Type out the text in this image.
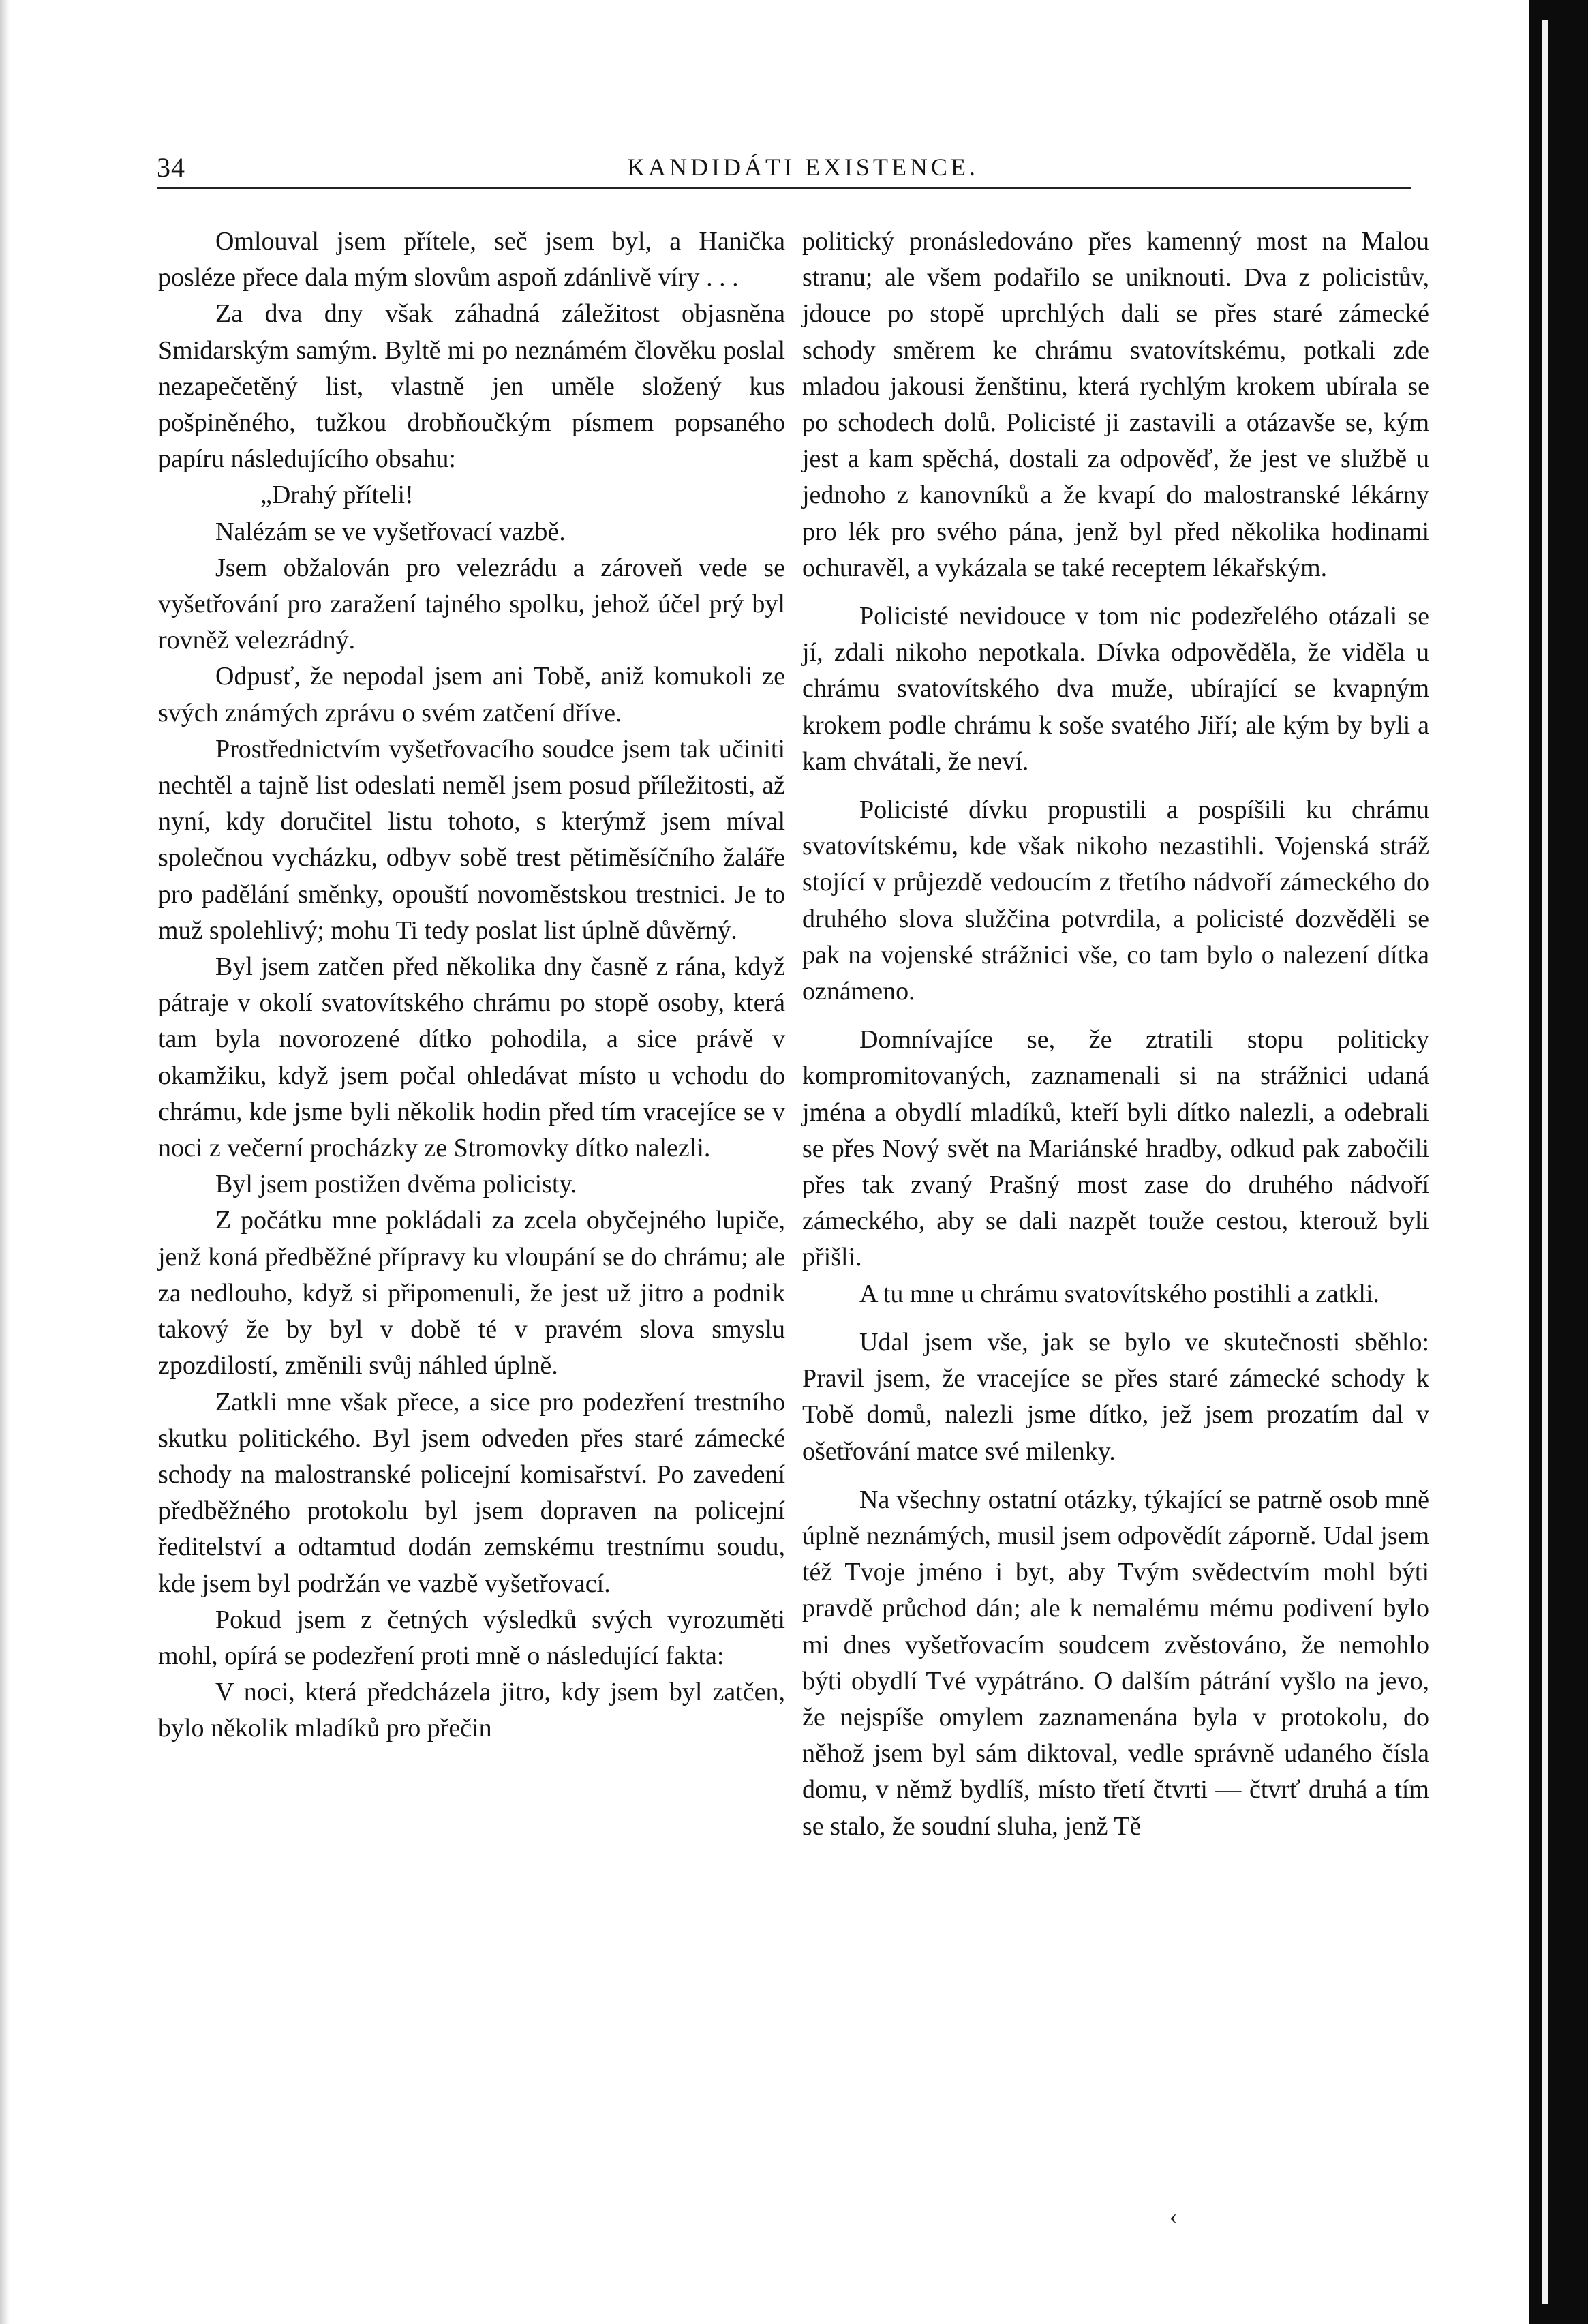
34	KANDIDÁTI EXISTENCE.

Omlouval jsem přítele, seč jsem byl, a Hanička posléze přece dala mým slovům aspoň zdánlivě víry . . .

Za dva dny však záhadná záležitost objasněna Smidarským samým. Byltě mi po neznámém člověku poslal nezapečetěný list, vlastně jen uměle složený kus pošpiněného, tužkou drobňoučkým písmem popsaného papíru následujícího obsahu:

„Drahý příteli!

Nalézám se ve vyšetřovací vazbě.

Jsem obžalován pro velezrádu a zároveň vede se vyšetřování pro zaražení tajného spolku, jehož účel prý byl rovněž velezrádný.

Odpusť, že nepodal jsem ani Tobě, aniž komukoli ze svých známých zprávu o svém zatčení dříve.

Prostřednictvím vyšetřovacího soudce jsem tak učiniti nechtěl a tajně list odeslati neměl jsem posud příležitosti, až nyní, kdy doručitel listu tohoto, s kterýmž jsem míval společnou vycházku, odbyv sobě trest pětiměsíčního žaláře pro padělání směnky, opouští novoměstskou trestnici. Je to muž spolehlivý; mohu Ti tedy poslat list úplně důvěrný.

Byl jsem zatčen před několika dny časně z rána, když pátraje v okolí svatovítského chrámu po stopě osoby, která tam byla novorozené dítko pohodila, a sice právě v okamžiku, když jsem počal ohledávat místo u vchodu do chrámu, kde jsme byli několik hodin před tím vracejíce se v noci z večerní procházky ze Stromovky dítko nalezli.

Byl jsem postižen dvěma policisty.

Z počátku mne pokládali za zcela obyčejného lupiče, jenž koná předběžné přípravy ku vloupání se do chrámu; ale za nedlouho, když si připomenuli, že jest už jitro a podnik takový že by byl v době té v pravém slova smyslu zpozdilostí, změnili svůj náhled úplně.

Zatkli mne však přece, a sice pro podezření trestního skutku politického. Byl jsem odveden přes staré zámecké schody na malostranské policejní komisařství. Po zavedení předběžného protokolu byl jsem dopraven na policejní ředitelství a odtamtud dodán zemskému trestnímu soudu, kde jsem byl podržán ve vazbě vyšetřovací.

Pokud jsem z četných výsledků svých vyrozuměti mohl, opírá se podezření proti mně o následující fakta:

V noci, která předcházela jitro, kdy jsem byl zatčen, bylo několik mladíků pro přečin

politický pronásledováno přes kamenný most na Malou stranu; ale všem podařilo se uniknouti. Dva z policistův, jdouce po stopě uprchlých dali se přes staré zámecké schody směrem ke chrámu svatovítskému, potkali zde mladou jakousi ženštinu, která rychlým krokem ubírala se po schodech dolů. Policisté ji zastavili a otázavše se, kým jest a kam spěchá, dostali za odpověď, že jest ve službě u jednoho z kanovníků a že kvapí do malostranské lékárny pro lék pro svého pána, jenž byl před několika hodinami ochuravěl, a vykázala se také receptem lékařským.

Policisté nevidouce v tom nic podezřelého otázali se jí, zdali nikoho nepotkala. Dívka odpověděla, že viděla u chrámu svatovítského dva muže, ubírající se kvapným krokem podle chrámu k soše svatého Jiří; ale kým by byli a kam chvátali, že neví.

Policisté dívku propustili a pospíšili ku chrámu svatovítskému, kde však nikoho nezastihli. Vojenská stráž stojící v průjezdě vedoucím z třetího nádvoří zámeckého do druhého slova služčina potvrdila, a policisté dozvěděli se pak na vojenské strážnici vše, co tam bylo o nalezení dítka oznámeno.

Domnívajíce se, že ztratili stopu politicky kompromitovaných, zaznamenali si na strážnici udaná jména a obydlí mladíků, kteří byli dítko nalezli, a odebrali se přes Nový svět na Mariánské hradby, odkud pak zabočili přes tak zvaný Prašný most zase do druhého nádvoří zámeckého, aby se dali nazpět touže cestou, kterouž byli přišli.

A tu mne u chrámu svatovítského postihli a zatkli.

Udal jsem vše, jak se bylo ve skutečnosti sběhlo: Pravil jsem, že vracejíce se přes staré zámecké schody k Tobě domů, nalezli jsme dítko, jež jsem prozatím dal v ošetřování matce své milenky.

Na všechny ostatní otázky, týkající se patrně osob mně úplně neznámých, musil jsem odpovědít záporně. Udal jsem též Tvoje jméno i byt, aby Tvým svědectvím mohl býti pravdě průchod dán; ale k nemalému mému podivení bylo mi dnes vyšetřovacím soudcem zvěstováno, že nemohlo býti obydlí Tvé vypátráno. O dalším pátrání vyšlo na jevo, že nejspíše omylem zaznamenána byla v protokolu, do něhož jsem byl sám diktoval, vedle správně udaného čísla domu, v němž bydlíš, místo třetí čtvrti — čtvrť druhá a tím se stalo, že soudní sluha, jenž Tě

‹
